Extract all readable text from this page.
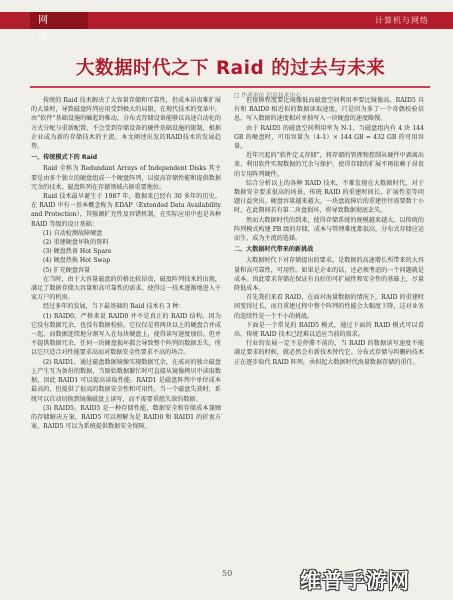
网 事
计算机与网络
大数据时代之下 Raid 的过去与未来
□ 作者单位 信息技术中心

传统的 Raid 技术解决了大容量存储和可靠性，但成本昂贵难扩展的大量时，导致磁盘阵列应用受到极大的局限。在现代技术的变革中，由“软件”基础设施的崛起的推动，分布式存储设备能够以高速自动化的方式分配与重新配置。不会受到存储设备的硬件基础设施的限制，根据企业成为新的存储技术的主流。本文阐述出发的RAID技术的发展趋势。

一、传统模式下的 Raid

Raid 全称为 Redundant Arrays of Independent Disks 其主要是由多个独立的硬盘组成一个硬盘阵列，以提高存储性能和提供数据冗余的技术。磁盘阵列在存储领域占据重要地位。

Raid 技术最早诞生于 1987 年，数据来已经有 30 多年的历史。在 RAID 中有一基本概念称为 EDAP（Extended Data Availability and Protection），其强调扩充性及容错机制，在实际应用中也是各种 RAID 等级的设计基础：

(1) 自动检测故障硬盘

(2) 重建硬盘坏轨的资料

(3) 硬盘热备 Hot Spare

(4) 硬盘热换 Hot Swap

(5) 扩充硬盘容量

在当时，由于大容量磁盘的价格比较昂贵，磁盘阵列技术的出现，满足了数据存储大容量和高可靠性的需求。使得这一技术逐渐地进入千家万户的机房。

经过多年的发展，当下最基础的 Raid 技术有 3 种：

(1) RAID0。严格来说 RAID0 并不是真正的 RAID 结构，因为它没有数据冗余，也没有数据校验。它仅仅是将两块以上的硬盘合并成一起，而数据连续地分割写入在每块硬盘上，使得读写速度加倍。但并不提供数据冗余，任何一块硬盘损坏都会导致整个阵列的数据丢失，所以它只适合对性能要求高而对数据安全性要求不高的场合。

(2) RAID1。通过磁盘数据镜像实现数据冗余，在成对的独立磁盘上产生互为备份的数据，当原始数据繁忙时可直接从镜像拷贝中读取数据，因此 RAID1 可以提高读取性能。RAID1 是磁盘阵列中单位成本最高的，但提供了很高的数据安全性和可用性。当一个磁盘失效时，系统可以自动切换到镜像磁盘上读写，而不需要重组失效的数据。

(3) RAID5。RAID5 是一种存储性能、数据安全和存储成本兼顾的存储解决方案。RAID5 可以理解为是 RAID0 和 RAID1 的折衷方案，RAID5 可以为系统提供数据安全保障。

但保障程度要比镜像低而磁盘空间利用率要比镜像高。RAID5 具有和 RAID0 相近似的数据读取速度，只是因为多了一个奇偶校验信息，写入数据的速度相对单独写入一块硬盘的速度略慢。

由于 RAID5 的磁盘空间利用率为 N-1，当磁盘组内有 4 块 144 GB 的硬盘时，可用容量为（4-1）× 144 GB = 432 GB 的可用容量。

近年兴起的“软件定义存储”，将存储的管理和控制从硬件中剥离出来，利用软件实现数据的冗余与保护，使得存储的扩展不再依赖于昂贵的专用阵列硬件。

综合分析以上的各种 RAID 技术，不难发现在大数据时代，对于数据安全要求很高的场景，传统 RAID 的重建时间长、扩展性差等问题日益突出。硬盘容量越来越大，一块盘故障后的重建往往需要数十小时，在此期间若有第二块盘损坏，将导致数据彻底丢失。

然而大数据时代的到来，使得存储系统的规模越来越大。以传统的阵列模式构建 PB 级的存储，成本与管理难度都很高，分布式存储应运而生，成为主流的选择。

二、大数据时代带来的新挑战

大数据时代下对存储提出的要求。是数据的高速增长所带来的大容量和高可靠性，可用性。如果是企业的话，还必须考虑的一个问题就是成本。因此要求存储在保证有良好的可扩展性和安全性的基础上，尽量降低成本。

首先我们来看 RAID，在面对海量数据的情况下，RAID 的重建时间变得过长，而且重建过程中整个阵列的性能会大幅度下降，这对业务的连续性是一个不小的挑战。

下面是一个常见的 RAID5 模式，通过下面的 RAID 模式可以看出，传统 RAID 技术已经难以适应当前的需求。

行业的发展一定不是停滞不前的，当 RAID 的数据读写速度不能满足要求的时候，就必然会有新技术替代它。分布式存储与纠删码技术正在逐步取代 RAID 阵列，承担起大数据时代海量数据存储的重任。

50	维普手游网
